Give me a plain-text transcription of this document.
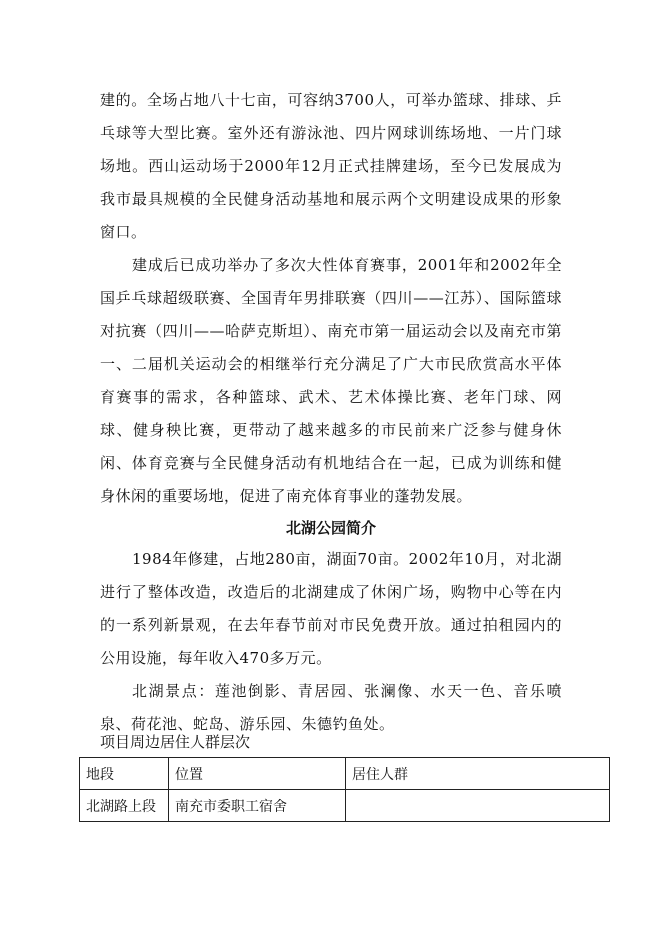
建的。全场占地八十七亩，可容纳3700人，可举办篮球、排球、乒乓球等大型比赛。室外还有游泳池、四片网球训练场地、一片门球场地。西山运动场于2000年12月正式挂牌建场，至今已发展成为我市最具规模的全民健身活动基地和展示两个文明建设成果的形象窗口。

建成后已成功举办了多次大性体育赛事，2001年和2002年全国乒乓球超级联赛、全国青年男排联赛（四川——江苏）、国际篮球对抗赛（四川——哈萨克斯坦）、南充市第一届运动会以及南充市第一、二届机关运动会的相继举行充分满足了广大市民欣赏高水平体育赛事的需求，各种篮球、武术、艺术体操比赛、老年门球、网球、健身秧比赛，更带动了越来越多的市民前来广泛参与健身休闲、体育竞赛与全民健身活动有机地结合在一起，已成为训练和健身休闲的重要场地，促进了南充体育事业的蓬勃发展。

北湖公园简介

1984年修建，占地280亩，湖面70亩。2002年10月，对北湖进行了整体改造，改造后的北湖建成了休闲广场，购物中心等在内的一系列新景观，在去年春节前对市民免费开放。通过拍租园内的公用设施，每年收入470多万元。

北湖景点：莲池倒影、青居园、张澜像、水天一色、音乐喷泉、荷花池、蛇岛、游乐园、朱德钓鱼处。

项目周边居住人群层次

地段	位置	居住人群
北湖路上段	南充市委职工宿舍	
